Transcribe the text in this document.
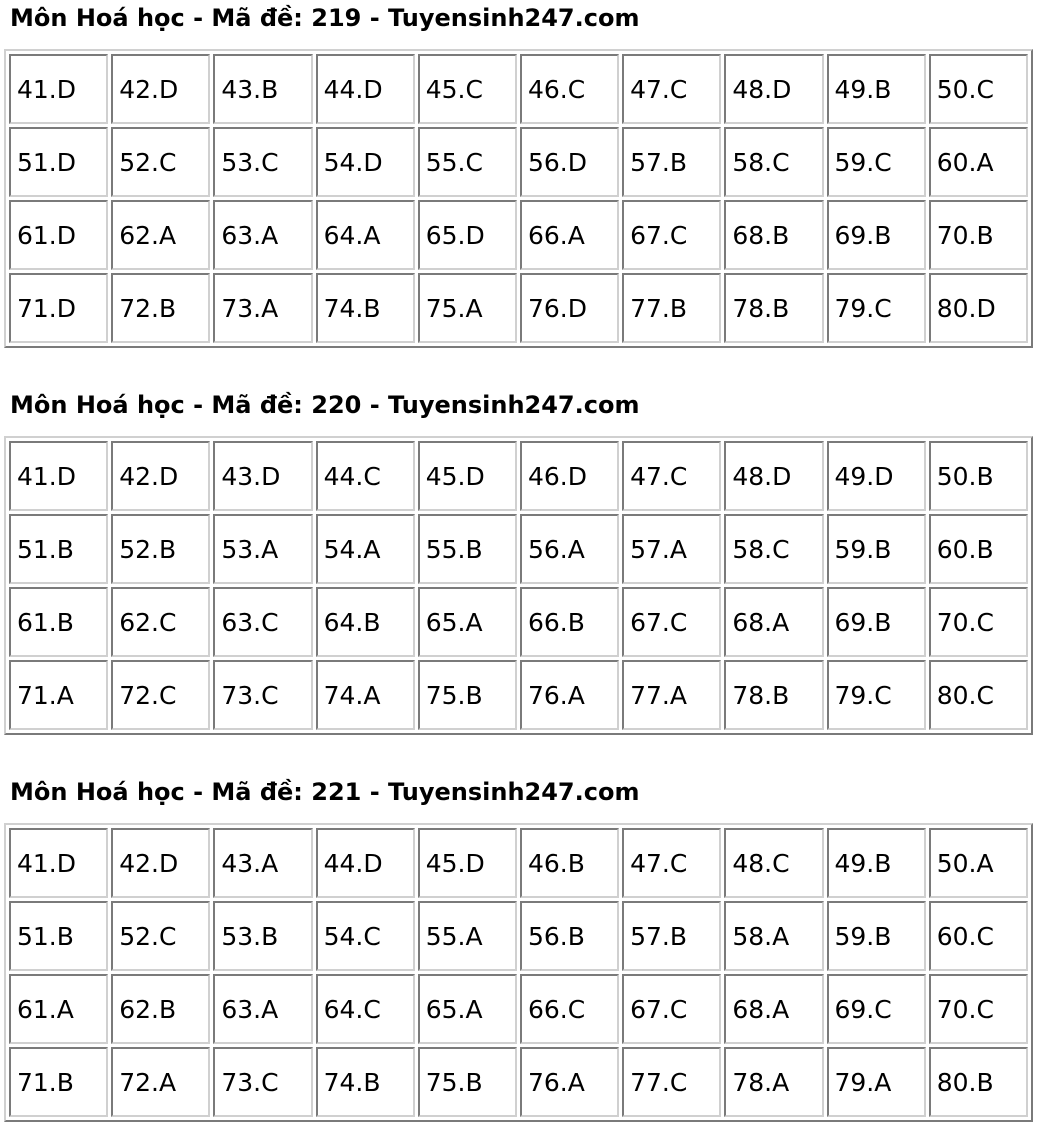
Môn Hoá học - Mã đề: 219 - Tuyensinh247.com
41.D	42.D	43.B	44.D	45.C	46.C	47.C	48.D	49.B	50.C
51.D	52.C	53.C	54.D	55.C	56.D	57.B	58.C	59.C	60.A
61.D	62.A	63.A	64.A	65.D	66.A	67.C	68.B	69.B	70.B
71.D	72.B	73.A	74.B	75.A	76.D	77.B	78.B	79.C	80.D
Môn Hoá học - Mã đề: 220 - Tuyensinh247.com
41.D	42.D	43.D	44.C	45.D	46.D	47.C	48.D	49.D	50.B
51.B	52.B	53.A	54.A	55.B	56.A	57.A	58.C	59.B	60.B
61.B	62.C	63.C	64.B	65.A	66.B	67.C	68.A	69.B	70.C
71.A	72.C	73.C	74.A	75.B	76.A	77.A	78.B	79.C	80.C
Môn Hoá học - Mã đề: 221 - Tuyensinh247.com
41.D	42.D	43.A	44.D	45.D	46.B	47.C	48.C	49.B	50.A
51.B	52.C	53.B	54.C	55.A	56.B	57.B	58.A	59.B	60.C
61.A	62.B	63.A	64.C	65.A	66.C	67.C	68.A	69.C	70.C
71.B	72.A	73.C	74.B	75.B	76.A	77.C	78.A	79.A	80.B
